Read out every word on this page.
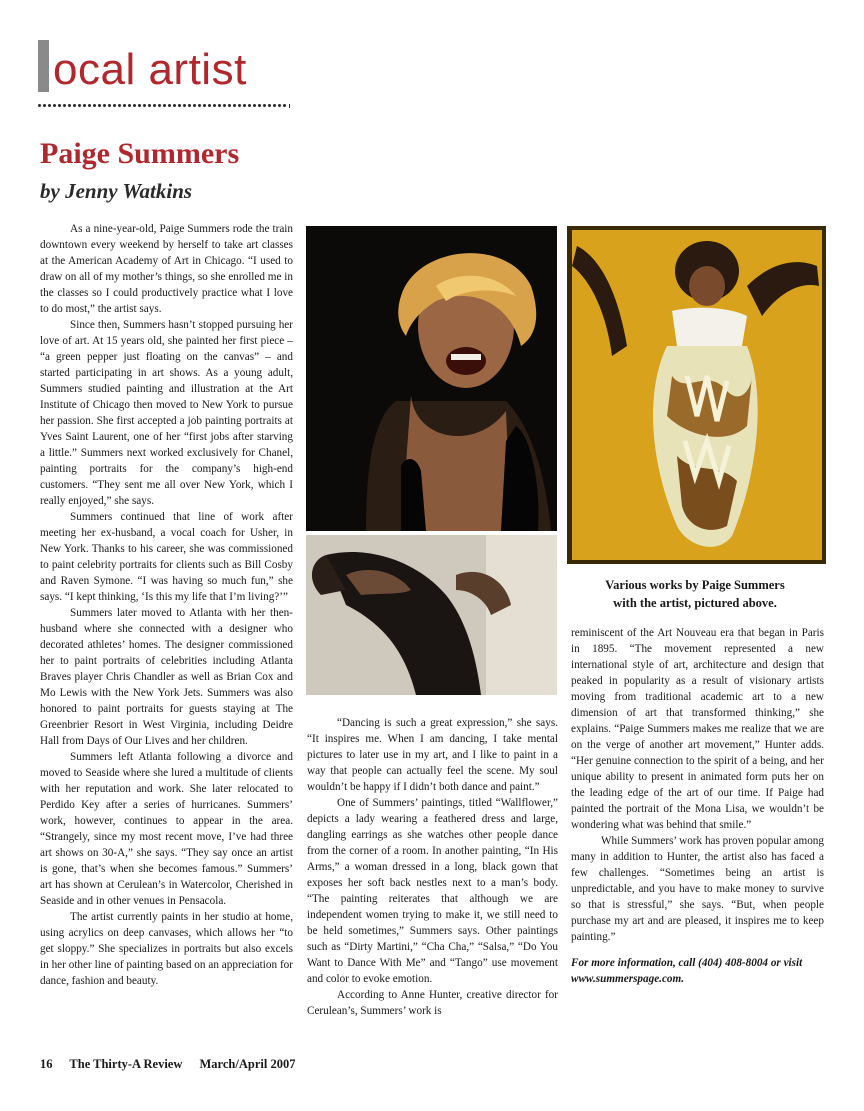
ocal artist
Paige Summers
by Jenny Watkins

As a nine-year-old, Paige Summers rode the train downtown every weekend by herself to take art classes at the American Academy of Art in Chicago. “I used to draw on all of my mother’s things, so she enrolled me in the classes so I could productively practice what I love to do most,” the artist says.

Since then, Summers hasn’t stopped pursuing her love of art. At 15 years old, she painted her first piece – “a green pepper just floating on the canvas” – and started participating in art shows. As a young adult, Summers studied painting and illustration at the Art Institute of Chicago then moved to New York to pursue her passion. She first accepted a job painting portraits at Yves Saint Laurent, one of her “first jobs after starving a little.” Summers next worked exclusively for Chanel, painting portraits for the company’s high-end customers. “They sent me all over New York, which I really enjoyed,” she says.

Summers continued that line of work after meeting her ex-husband, a vocal coach for Usher, in New York. Thanks to his career, she was commissioned to paint celebrity portraits for clients such as Bill Cosby and Raven Symone. “I was having so much fun,” she says. “I kept thinking, ‘Is this my life that I’m living?’”

Summers later moved to Atlanta with her then-husband where she connected with a designer who decorated athletes’ homes. The designer commissioned her to paint portraits of celebrities including Atlanta Braves player Chris Chandler as well as Brian Cox and Mo Lewis with the New York Jets. Summers was also honored to paint portraits for guests staying at The Greenbrier Resort in West Virginia, including Deidre Hall from Days of Our Lives and her children.

Summers left Atlanta following a divorce and moved to Seaside where she lured a multitude of clients with her reputation and work. She later relocated to Perdido Key after a series of hurricanes. Summers’ work, however, continues to appear in the area. “Strangely, since my most recent move, I’ve had three art shows on 30-A,” she says. “They say once an artist is gone, that’s when she becomes famous.” Summers’ art has shown at Cerulean’s in Watercolor, Cherished in Seaside and in other venues in Pensacola.

The artist currently paints in her studio at home, using acrylics on deep canvases, which allows her “to get sloppy.” She specializes in portraits but also excels in her other line of painting based on an appreciation for dance, fashion and beauty.

Various works by Paige Summers
with the artist, pictured above.

“Dancing is such a great expression,” she says. “It inspires me. When I am dancing, I take mental pictures to later use in my art, and I like to paint in a way that people can actually feel the scene. My soul wouldn’t be happy if I didn’t both dance and paint.”

One of Summers’ paintings, titled “Wallflower,” depicts a lady wearing a feathered dress and large, dangling earrings as she watches other people dance from the corner of a room. In another painting, “In His Arms,” a woman dressed in a long, black gown that exposes her soft back nestles next to a man’s body. “The painting reiterates that although we are independent women trying to make it, we still need to be held sometimes,” Summers says. Other paintings such as “Dirty Martini,” “Cha Cha,” “Salsa,” “Do You Want to Dance With Me” and “Tango” use movement and color to evoke emotion.

According to Anne Hunter, creative director for Cerulean’s, Summers’ work is

reminiscent of the Art Nouveau era that began in Paris in 1895. “The movement represented a new international style of art, architecture and design that peaked in popularity as a result of visionary artists moving from traditional academic art to a new dimension of art that transformed thinking,” she explains. “Paige Summers makes me realize that we are on the verge of another art movement,” Hunter adds. “Her genuine connection to the spirit of a being, and her unique ability to present in animated form puts her on the leading edge of the art of our time. If Paige had painted the portrait of the Mona Lisa, we wouldn’t be wondering what was behind that smile.”

While Summers’ work has proven popular among many in addition to Hunter, the artist also has faced a few challenges. “Sometimes being an artist is unpredictable, and you have to make money to survive so that is stressful,” she says. “But, when people purchase my art and are pleased, it inspires me to keep painting.”

For more information, call (404) 408-8004 or visit www.summerspage.com.

16 The Thirty-A Review March/April 2007
